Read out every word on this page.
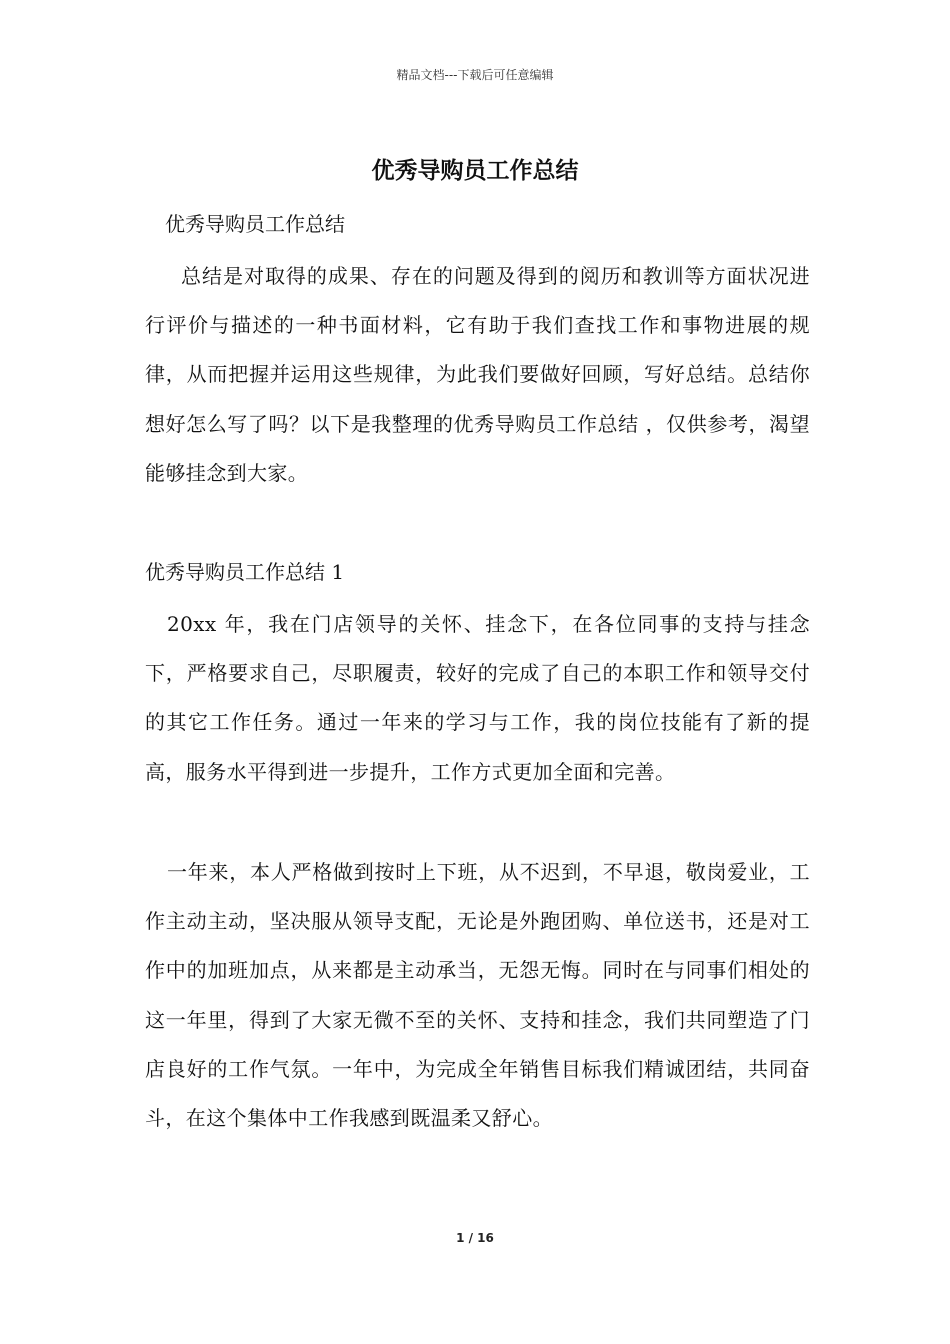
精品文档---下载后可任意编辑
优秀导购员工作总结

优秀导购员工作总结

总结是对取得的成果、存在的问题及得到的阅历和教训等方面状况进行评价与描述的一种书面材料，它有助于我们查找工作和事物进展的规律，从而把握并运用这些规律，为此我们要做好回顾，写好总结。总结你想好怎么写了吗？以下是我整理的优秀导购员工作总结 ，仅供参考，渴望能够挂念到大家。

优秀导购员工作总结 1

20xx 年，我在门店领导的关怀、挂念下，在各位同事的支持与挂念下，严格要求自己，尽职履责，较好的完成了自己的本职工作和领导交付的其它工作任务。通过一年来的学习与工作，我的岗位技能有了新的提高，服务水平得到进一步提升，工作方式更加全面和完善。

一年来，本人严格做到按时上下班，从不迟到，不早退，敬岗爱业，工作主动主动，坚决服从领导支配，无论是外跑团购、单位送书，还是对工作中的加班加点，从来都是主动承当，无怨无悔。同时在与同事们相处的这一年里，得到了大家无微不至的关怀、支持和挂念，我们共同塑造了门店良好的工作气氛。一年中，为完成全年销售目标我们精诚团结，共同奋斗，在这个集体中工作我感到既温柔又舒心。

1 / 16
